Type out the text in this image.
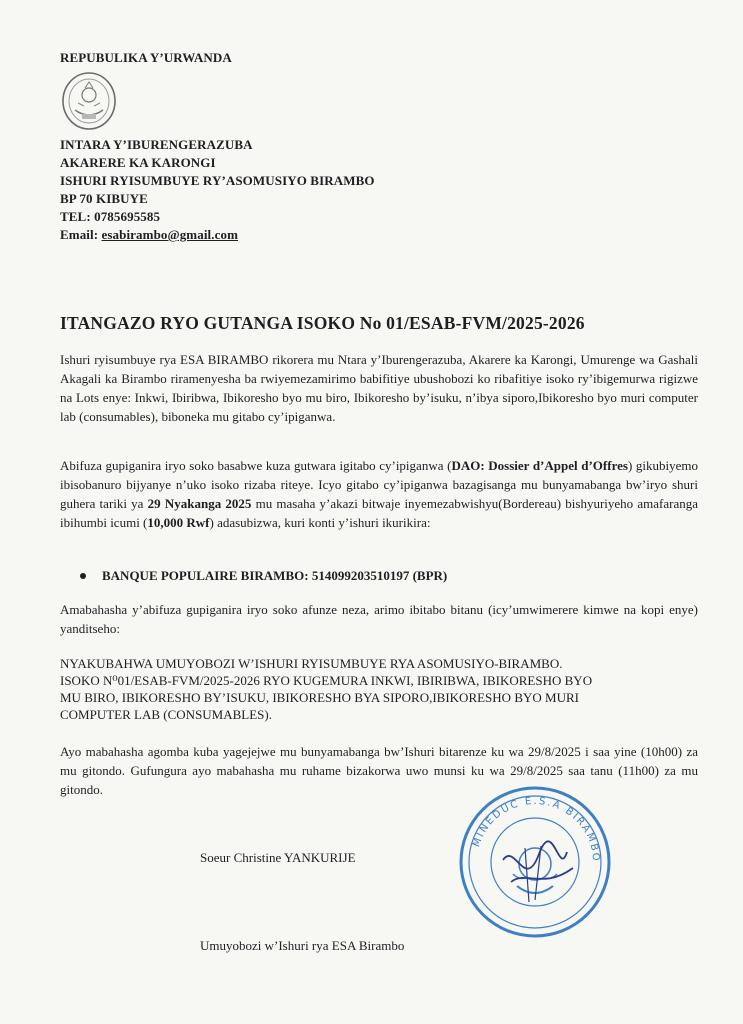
REPUBULIKA Y’URWANDA
INTARA Y’IBURENGERAZUBA
AKARERE KA KARONGI
ISHURI RYISUMBUYE RY’ASOMUSIYO BIRAMBO
BP 70 KIBUYE
TEL: 0785695585
Email: esabirambo@gmail.com
ITANGAZO RYO GUTANGA ISOKO No 01/ESAB-FVM/2025-2026

Ishuri ryisumbuye rya ESA BIRAMBO rikorera mu Ntara y’Iburengerazuba, Akarere ka Karongi, Umurenge wa Gashali Akagali ka Birambo riramenyesha ba rwiyemezamirimo babifitiye ubushobozi ko ribafitiye isoko ry’ibigemurwa rigizwe na Lots enye: Inkwi, Ibiribwa, Ibikoresho byo mu biro, Ibikoresho by’isuku, n’ibya siporo,Ibikoresho byo muri computer lab (consumables), biboneka mu gitabo cy’ipiganwa.

Abifuza gupiganira iryo soko basabwe kuza gutwara igitabo cy’ipiganwa (DAO: Dossier d’Appel d’Offres) gikubiyemo ibisobanuro bijyanye n’uko isoko rizaba riteye. Icyo gitabo cy’ipiganwa bazagisanga mu bunyamabanga bw’iryo shuri guhera tariki ya 29 Nyakanga 2025 mu masaha y’akazi bitwaje inyemezabwishyu(Bordereau) bishyuriyeho amafaranga ibihumbi icumi (10,000 Rwf) adasubizwa, kuri konti y’ishuri ikurikira:

BANQUE POPULAIRE BIRAMBO: 514099203510197 (BPR)

Amabahasha y’abifuza gupiganira iryo soko afunze neza, arimo ibitabo bitanu (icy’umwimerere kimwe na kopi enye) yanditseho:

NYAKUBAHWA UMUYOBOZI W’ISHURI RYISUMBUYE RYA ASOMUSIYO-BIRAMBO.
ISOKO N⁰01/ESAB-FVM/2025-2026 RYO KUGEMURA INKWI, IBIRIBWA, IBIKORESHO BYO
MU BIRO, IBIKORESHO BY’ISUKU, IBIKORESHO BYA SIPORO,IBIKORESHO BYO MURI
COMPUTER LAB (CONSUMABLES).

Ayo mabahasha agomba kuba yagejejwe mu bunyamabanga bw’Ishuri bitarenze ku wa 29/8/2025 i saa yine (10h00) za mu gitondo. Gufungura ayo mabahasha mu ruhame bizakorwa uwo munsi ku wa 29/8/2025 saa tanu (11h00) za mu gitondo.

Soeur Christine YANKURIJE
MINEDUC E.S.A BIRAMBO
Umuyobozi w’Ishuri rya ESA Birambo
